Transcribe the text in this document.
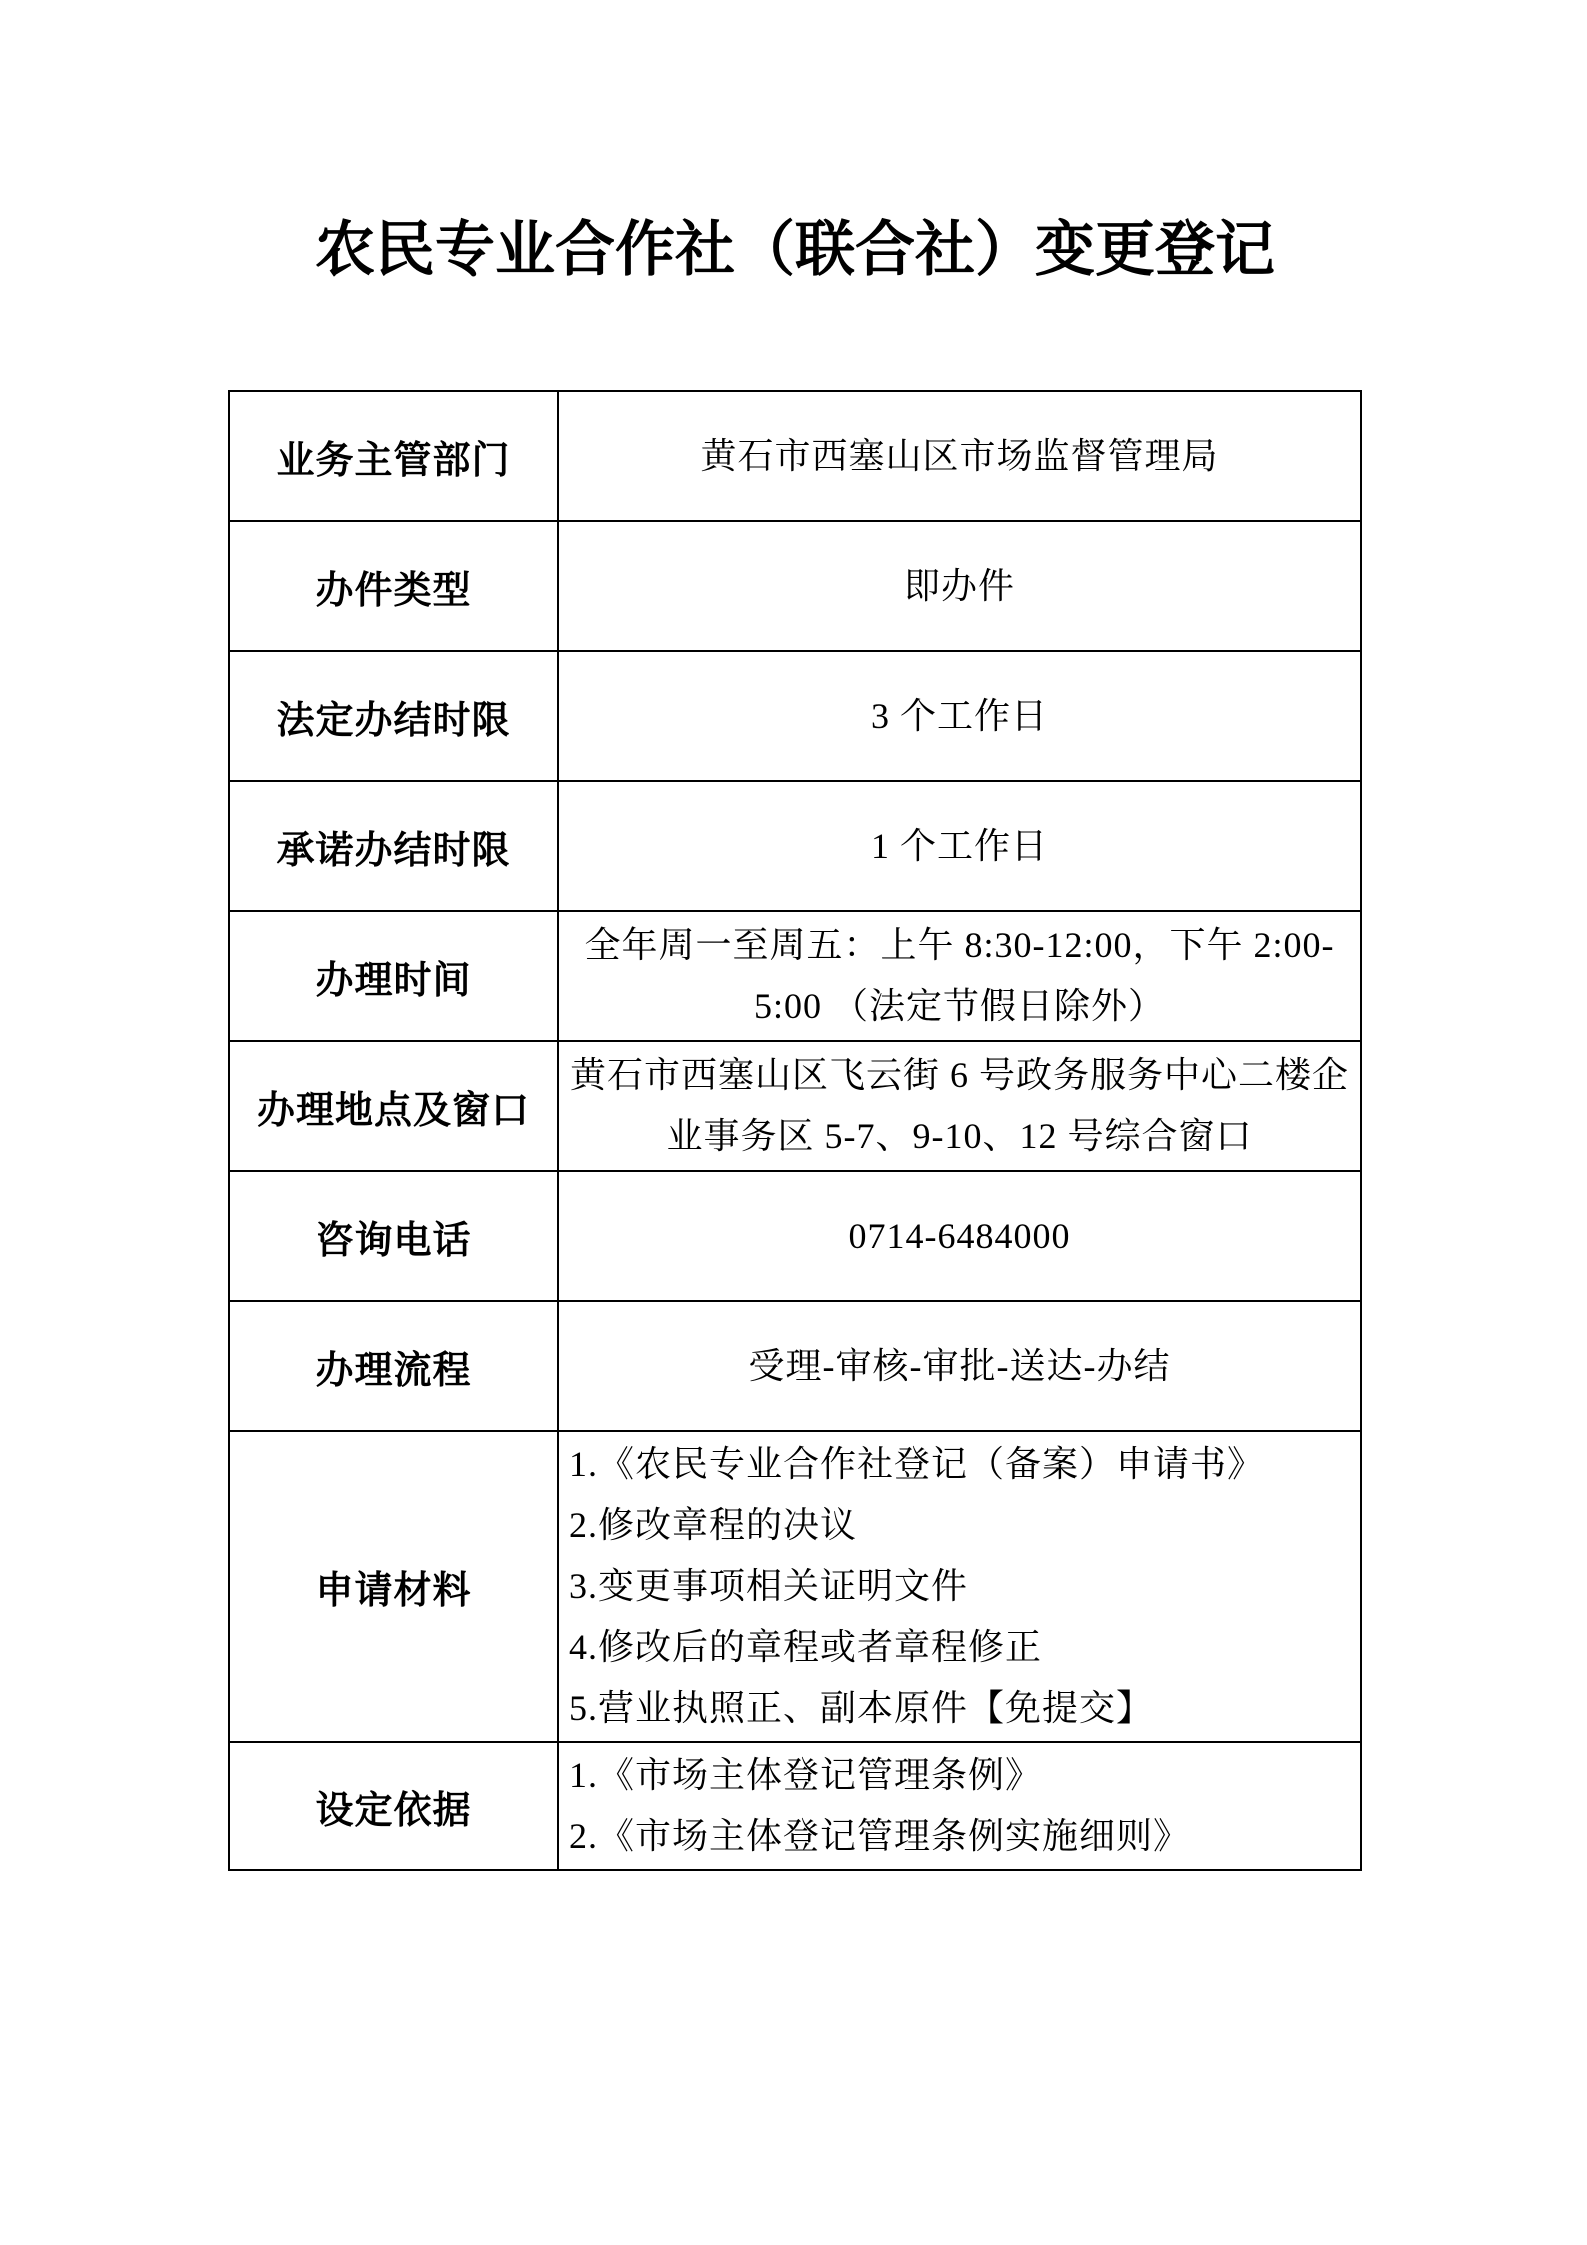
农民专业合作社（联合社）变更登记
业务主管部门	黄石市西塞山区市场监督管理局
办件类型	即办件
法定办结时限	3 个工作日
承诺办结时限	1 个工作日
办理时间	全年周一至周五：上午 8:30-12:00，下午 2:00-5:00 （法定节假日除外）
办理地点及窗口	黄石市西塞山区飞云街 6 号政务服务中心二楼企业事务区 5-7、9-10、12 号综合窗口
咨询电话	0714-6484000
办理流程	受理-审核-审批-送达-办结
申请材料	1.《农民专业合作社登记（备案）申请书》
2.修改章程的决议
3.变更事项相关证明文件
4.修改后的章程或者章程修正
5.营业执照正、副本原件【免提交】

设定依据	1.《市场主体登记管理条例》
2.《市场主体登记管理条例实施细则》
